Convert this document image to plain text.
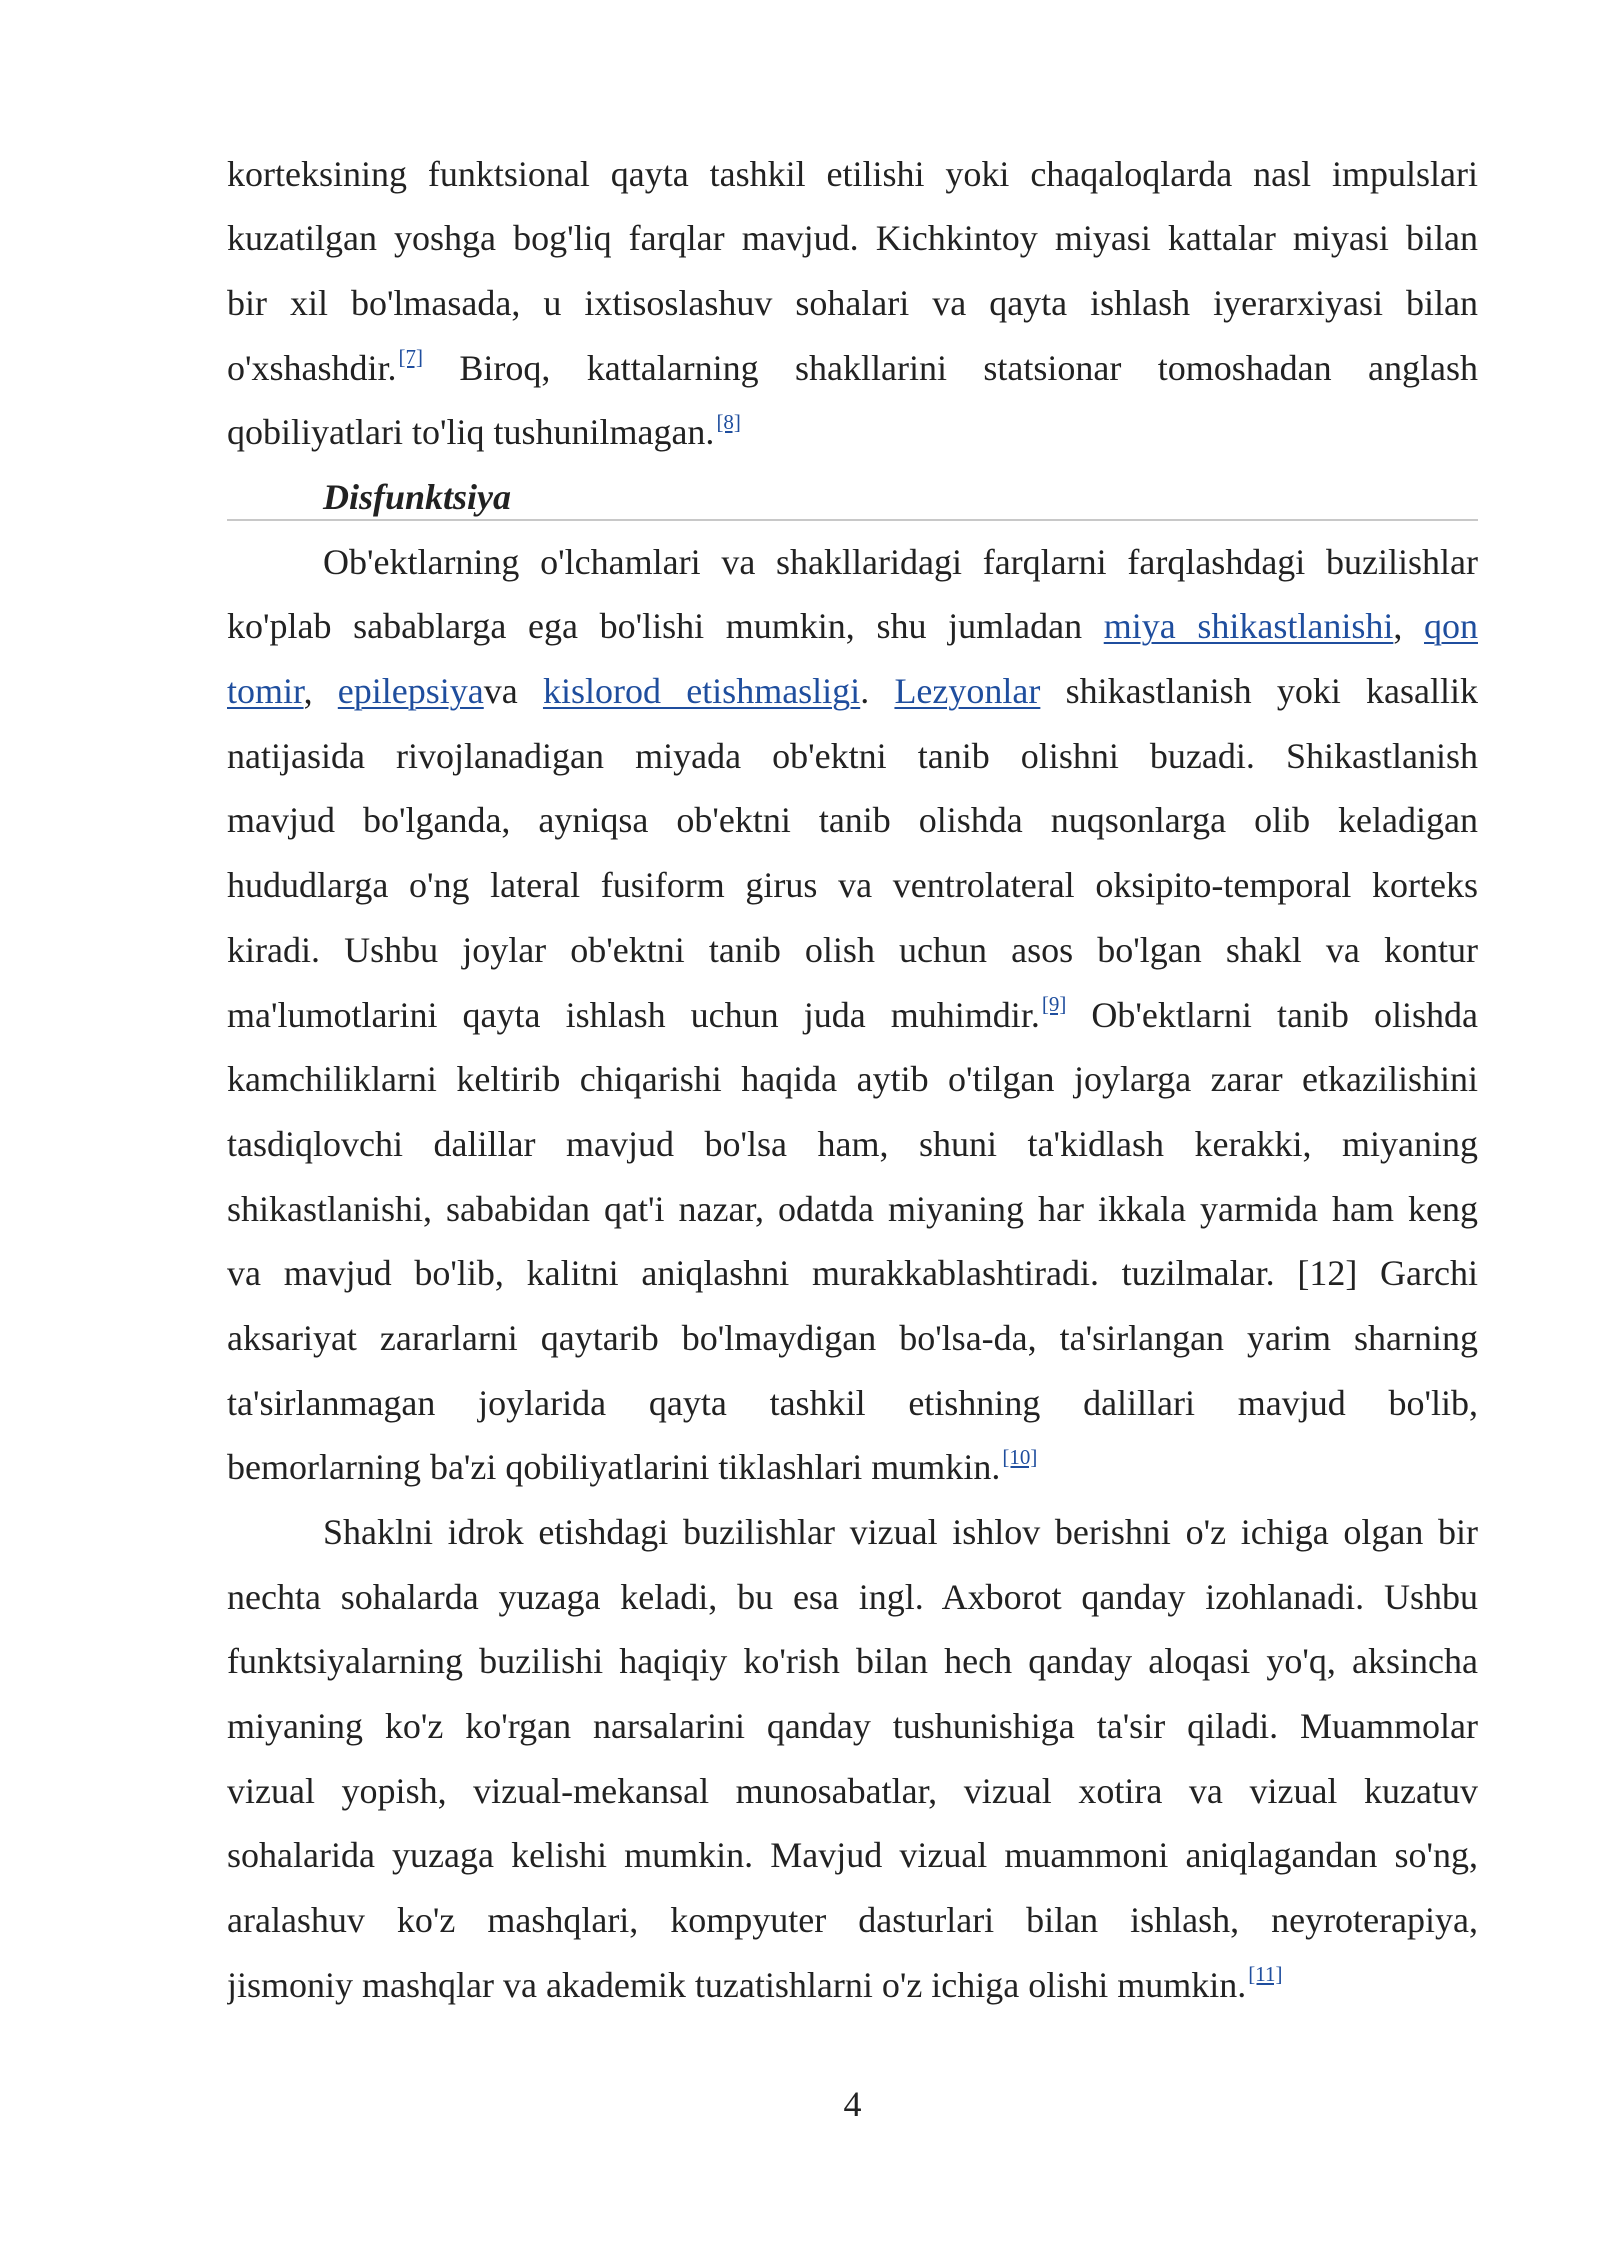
korteksining funktsional qayta tashkil etilishi yoki chaqaloqlarda nasl impulslari
kuzatilgan yoshga bog'liq farqlar mavjud. Kichkintoy miyasi kattalar miyasi bilan
bir xil bo'lmasada, u ixtisoslashuv sohalari va qayta ishlash iyerarxiyasi bilan
o'xshashdir.[7] Biroq, kattalarning shakllarini statsionar tomoshadan anglash
qobiliyatlari to'liq tushunilmagan.[8]
Disfunktsiya
Ob'ektlarning o'lchamlari va shakllaridagi farqlarni farqlashdagi buzilishlar
ko'plab sabablarga ega bo'lishi mumkin, shu jumladan miya shikastlanishi, qon
tomir, epilepsiyava kislorod etishmasligi. Lezyonlar shikastlanish yoki kasallik
natijasida rivojlanadigan miyada ob'ektni tanib olishni buzadi. Shikastlanish
mavjud bo'lganda, ayniqsa ob'ektni tanib olishda nuqsonlarga olib keladigan
hududlarga o'ng lateral fusiform girus va ventrolateral oksipito-temporal korteks
kiradi. Ushbu joylar ob'ektni tanib olish uchun asos bo'lgan shakl va kontur
ma'lumotlarini qayta ishlash uchun juda muhimdir.[9] Ob'ektlarni tanib olishda
kamchiliklarni keltirib chiqarishi haqida aytib o'tilgan joylarga zarar etkazilishini
tasdiqlovchi dalillar mavjud bo'lsa ham, shuni ta'kidlash kerakki, miyaning
shikastlanishi, sababidan qat'i nazar, odatda miyaning har ikkala yarmida ham keng
va mavjud bo'lib, kalitni aniqlashni murakkablashtiradi. tuzilmalar. [12] Garchi
aksariyat zararlarni qaytarib bo'lmaydigan bo'lsa-da, ta'sirlangan yarim sharning
ta'sirlanmagan joylarida qayta tashkil etishning dalillari mavjud bo'lib,
bemorlarning ba'zi qobiliyatlarini tiklashlari mumkin.[10]
Shaklni idrok etishdagi buzilishlar vizual ishlov berishni o'z ichiga olgan bir
nechta sohalarda yuzaga keladi, bu esa ingl. Axborot qanday izohlanadi. Ushbu
funktsiyalarning buzilishi haqiqiy ko'rish bilan hech qanday aloqasi yo'q, aksincha
miyaning ko'z ko'rgan narsalarini qanday tushunishiga ta'sir qiladi. Muammolar
vizual yopish, vizual-mekansal munosabatlar, vizual xotira va vizual kuzatuv
sohalarida yuzaga kelishi mumkin. Mavjud vizual muammoni aniqlagandan so'ng,
aralashuv ko'z mashqlari, kompyuter dasturlari bilan ishlash, neyroterapiya,
jismoniy mashqlar va akademik tuzatishlarni o'z ichiga olishi mumkin.[11]
4
